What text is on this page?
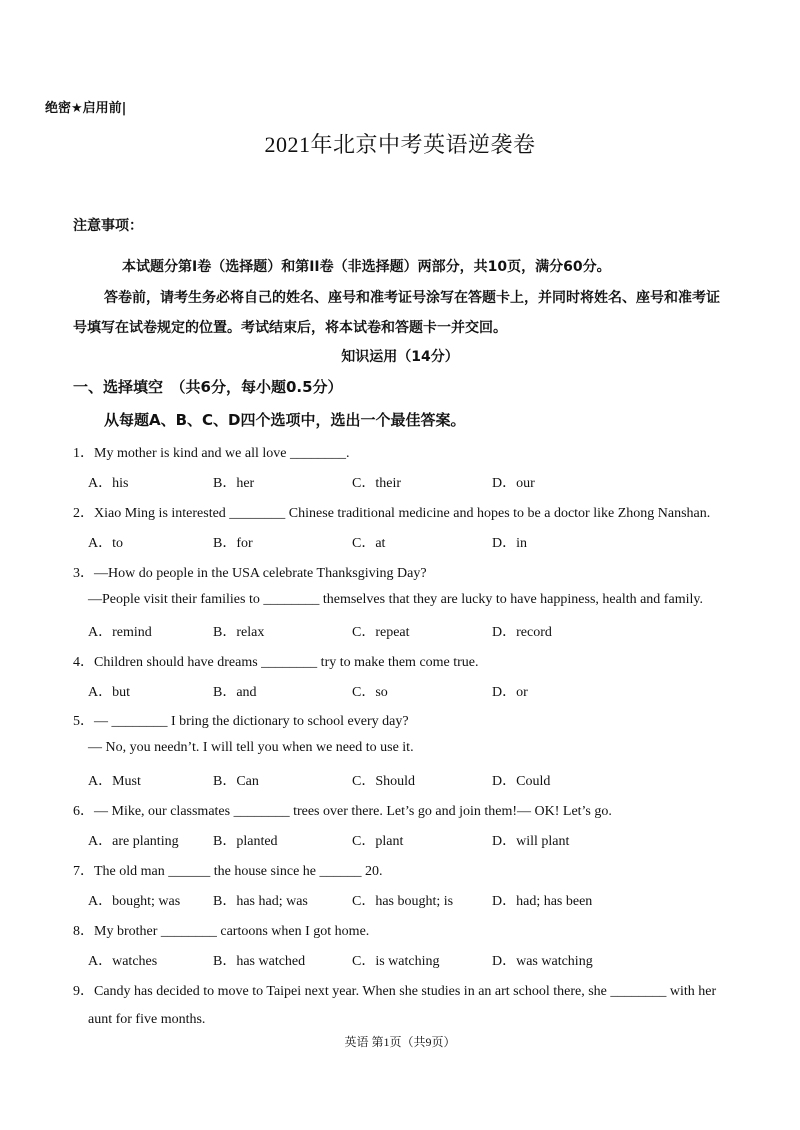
绝密★启用前|
2021年北京中考英语逆袭卷
注意事项：
本试题分第I卷（选择题）和第II卷（非选择题）两部分，共10页，满分60分。
答卷前，请考生务必将自己的姓名、座号和准考证号涂写在答题卡上，并同时将姓名、座号和准考证
号填写在试卷规定的位置。考试结束后，将本试卷和答题卡一并交回。
知识运用（14分）
一、选择填空　（共6分，每小题0.5分）
从每题A、B、C、D四个选项中，选出一个最佳答案。
1．My mother is kind and we all love ________.
A．his	B．her	C．their	D．our
2．Xiao Ming is interested ________ Chinese traditional medicine and hopes to be a doctor like Zhong Nanshan.
A．to	B．for	C．at	D．in
3．—How do people in the USA celebrate Thanksgiving Day?
—People visit their families to ________ themselves that they are lucky to have happiness, health and family.
A．remind	B．relax	C．repeat	D．record
4．Children should have dreams ________ try to make them come true.
A．but	B．and	C．so	D．or
5．— ________ I bring the dictionary to school every day?
— No, you needn’t. I will tell you when we need to use it.
A．Must	B．Can	C．Should	D．Could
6．— Mike, our classmates ________ trees over there. Let’s go and join them!— OK! Let’s go.
A．are planting B．planted	C．plant	D．will plant
7．The old man ______ the house since he ______ 20.
A．bought; was B．has had; was	C．has bought; is	D．had; has been
8．My brother ________ cartoons when I got home.
A．watches	B．has watched	C．is watching	D．was watching
9．Candy has decided to move to Taipei next year. When she studies in an art school there, she ________ with her
aunt for five months.
英语 第1页（共9页）
